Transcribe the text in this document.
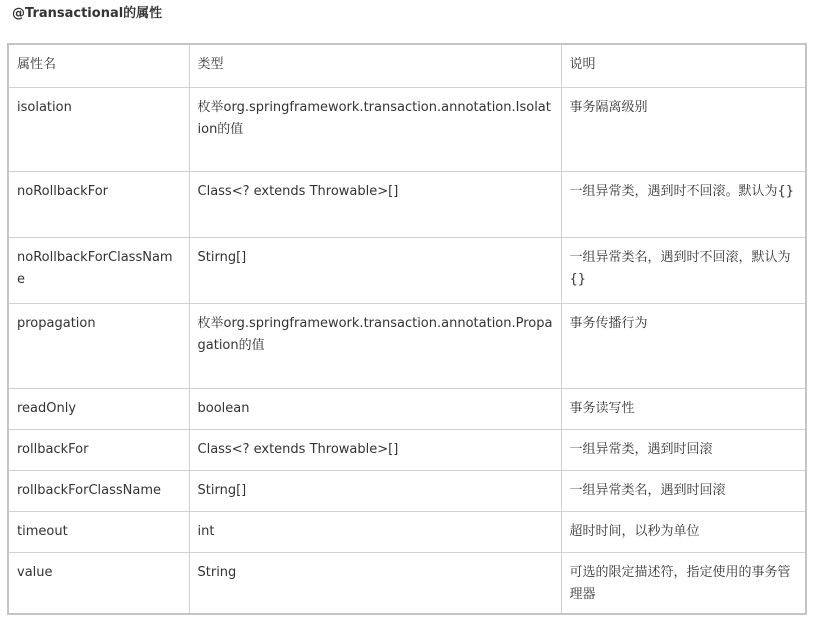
@Transactional的属性
属性名	类型	说明
isolation	枚举org.springframework.transaction.annotation.Isolation的值	事务隔离级别
noRollbackFor	Class<? extends Throwable>[]	一组异常类，遇到时不回滚。默认为{}
noRollbackForClassName	Stirng[]	一组异常类名，遇到时不回滚，默认为{}
propagation	枚举org.springframework.transaction.annotation.Propagation的值	事务传播行为
readOnly	boolean	事务读写性
rollbackFor	Class<? extends Throwable>[]	一组异常类，遇到时回滚
rollbackForClassName	Stirng[]	一组异常类名，遇到时回滚
timeout	int	超时时间，以秒为单位
value	String	可选的限定描述符，指定使用的事务管理器
